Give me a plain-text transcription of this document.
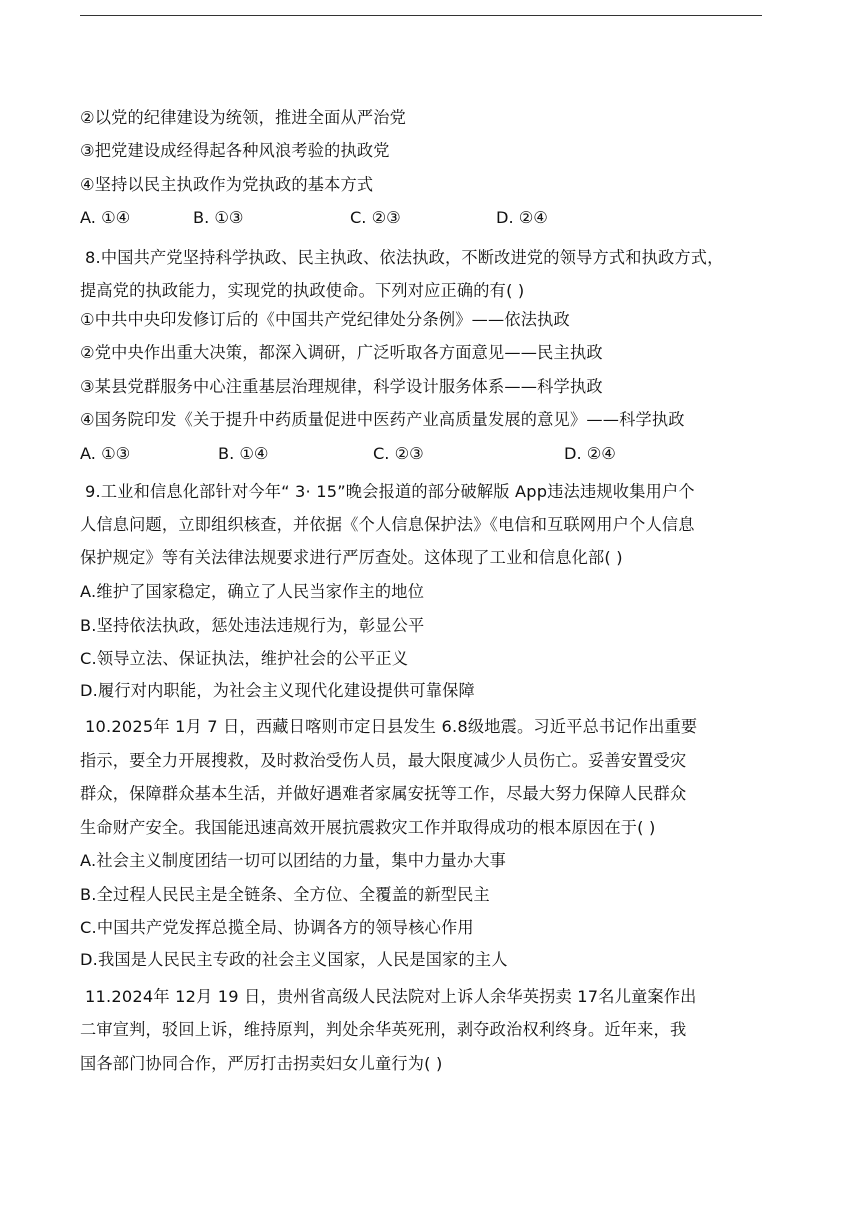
②以党的纪律建设为统领，推进全面从严治党
③把党建设成经得起各种风浪考验的执政党
④坚持以民主执政作为党执政的基本方式
A. ①④	B. ①③	C. ②③	D. ②④
8.中国共产党坚持科学执政、民主执政、依法执政，不断改进党的领导方式和执政方式，
提高党的执政能力，实现党的执政使命。下列对应正确的有( )
①中共中央印发修订后的《中国共产党纪律处分条例》——依法执政
②党中央作出重大决策，都深入调研，广泛听取各方面意见——民主执政
③某县党群服务中心注重基层治理规律，科学设计服务体系——科学执政
④国务院印发《关于提升中药质量促进中医药产业高质量发展的意见》——科学执政
A. ①③	B. ①④	C. ②③	D. ②④
9.工业和信息化部针对今年“ 3· 15”晚会报道的部分破解版 App违法违规收集用户个
人信息问题，立即组织核查，并依据《个人信息保护法》《电信和互联网用户个人信息
保护规定》等有关法律法规要求进行严厉查处。这体现了工业和信息化部( )
A.维护了国家稳定，确立了人民当家作主的地位
B.坚持依法执政，惩处违法违规行为，彰显公平
C.领导立法、保证执法，维护社会的公平正义
D.履行对内职能，为社会主义现代化建设提供可靠保障
10.2025年 1月 7 日，西藏日喀则市定日县发生 6.8级地震。习近平总书记作出重要
指示，要全力开展搜救，及时救治受伤人员，最大限度减少人员伤亡。妥善安置受灾
群众，保障群众基本生活，并做好遇难者家属安抚等工作，尽最大努力保障人民群众
生命财产安全。我国能迅速高效开展抗震救灾工作并取得成功的根本原因在于( )
A.社会主义制度团结一切可以团结的力量，集中力量办大事
B.全过程人民民主是全链条、全方位、全覆盖的新型民主
C.中国共产党发挥总揽全局、协调各方的领导核心作用
D.我国是人民民主专政的社会主义国家，人民是国家的主人
11.2024年 12月 19 日，贵州省高级人民法院对上诉人余华英拐卖 17名儿童案作出
二审宣判，驳回上诉，维持原判，判处余华英死刑，剥夺政治权利终身。近年来，我
国各部门协同合作，严厉打击拐卖妇女儿童行为( )
